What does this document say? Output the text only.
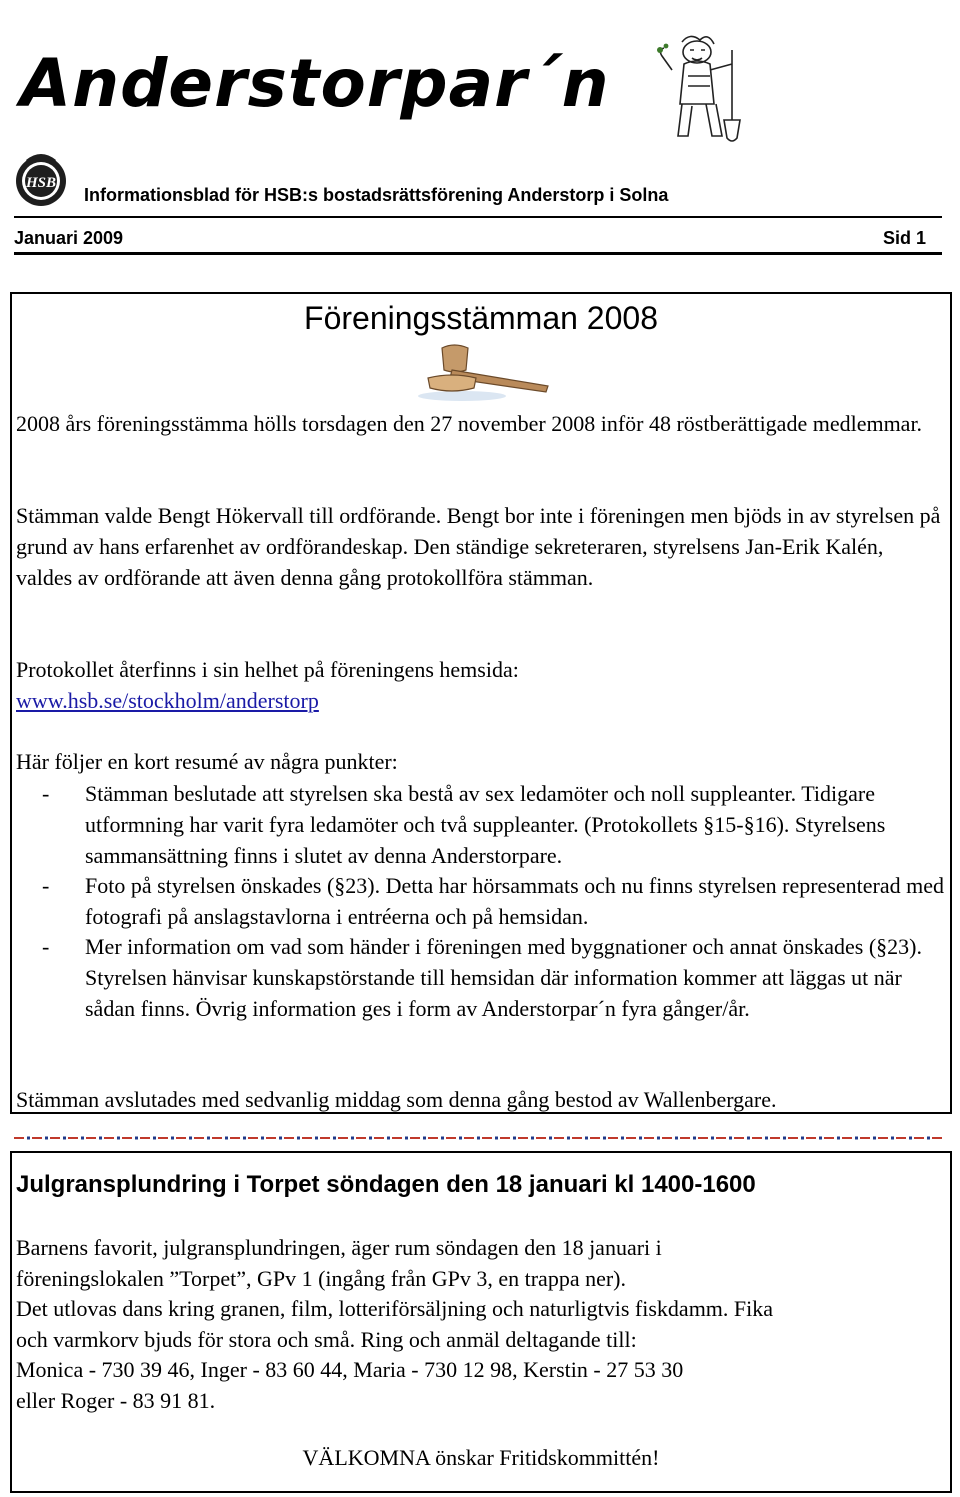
Anderstorpar´n
HSB
Informationsblad för HSB:s bostadsrättsförening Anderstorp i Solna
Januari 2009	Sid 1
Föreningsstämman 2008

2008 års föreningsstämma hölls torsdagen den 27 november 2008 inför 48 röstberättigade medlemmar.

Stämman valde Bengt Hökervall till ordförande. Bengt bor inte i föreningen men bjöds in av styrelsen på grund av hans erfarenhet av ordförandeskap. Den ständige sekreteraren, styrelsens Jan-Erik Kalén, valdes av ordförande att även denna gång protokollföra stämman.

Protokollet återfinns i sin helhet på föreningens hemsida:
www.hsb.se/stockholm/anderstorp

Här följer en kort resumé av några punkter:

- Stämman beslutade att styrelsen ska bestå av sex ledamöter och noll suppleanter. Tidigare utformning har varit fyra ledamöter och två suppleanter. (Protokollets §15-§16). Styrelsens sammansättning finns i slutet av denna Anderstorpare.
- Foto på styrelsen önskades (§23). Detta har hörsammats och nu finns styrelsen representerad med fotografi på anslagstavlorna i entréerna och på hemsidan.
- Mer information om vad som händer i föreningen med byggnationer och annat önskades (§23). Styrelsen hänvisar kunskapstörstande till hemsidan där information kommer att läggas ut när sådan finns. Övrig information ges i form av Anderstorpar´n fyra gånger/år.

Stämman avslutades med sedvanlig middag som denna gång bestod av Wallenbergare.

Julgransplundring i Torpet söndagen den 18 januari kl 1400-1600

Barnens favorit, julgransplundringen, äger rum söndagen den 18 januari i

föreningslokalen ”Torpet”, GPv 1 (ingång från GPv 3, en trappa ner).

Det utlovas dans kring granen, film, lotteriförsäljning och naturligtvis fiskdamm. Fika

och varmkorv bjuds för stora och små. Ring och anmäl deltagande till:

Monica - 730 39 46, Inger - 83 60 44, Maria - 730 12 98, Kerstin - 27 53 30

eller Roger - 83 91 81.

VÄLKOMNA önskar Fritidskommittén!
